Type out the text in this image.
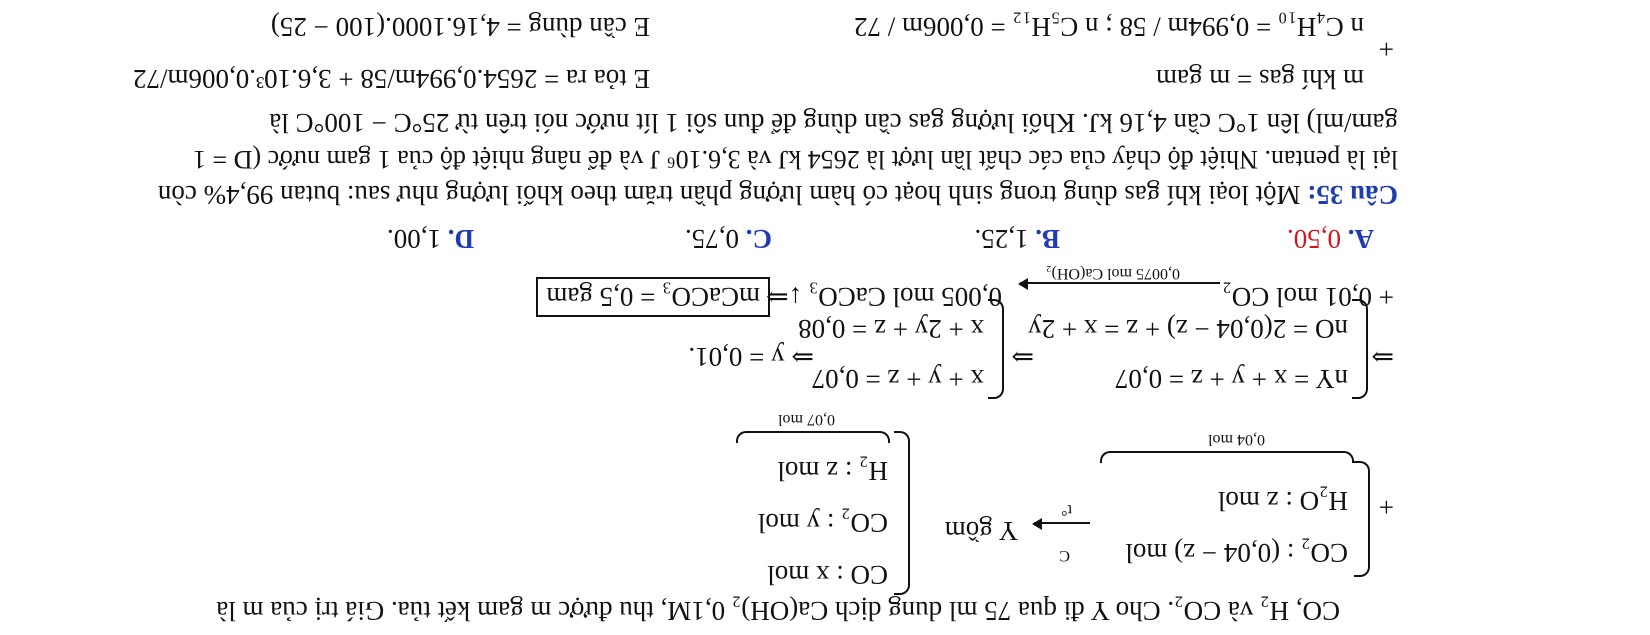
CO, H₂ và CO₂. Cho Y đi qua 75 ml dung dịch Ca(OH)₂ 0,1M, thu được m gam kết tủa. Giá trị của m là
+
CO₂ : (0,04 − z) mol
H₂O : z mol
0,04 mol
C
t°
Y gồm
CO : x mol
CO₂ : y mol
H₂ : z mol
0,07 mol
⇒
nY = x + y + z = 0,07
nO = 2(0,04 − z) + z = x + 2y
⇒
x + y + z = 0,07
x + 2y + z = 0,08
⇒ y = 0,01.
+ 0,01 mol CO₂
0,0075 mol Ca(OH)₂
0,005 mol CaCO₃ ↓⇒
mCaCO₃ = 0,5 gam
A. 0,50.
B. 1,25.
C. 0,75.
D. 1,00.
Câu 35: Một loại khí gas dùng trong sinh hoạt có hàm lượng phần trăm theo khối lượng như sau: butan 99,4% còn
lại là pentan. Nhiệt độ cháy của các chất lần lượt là 2654 kJ và 3,6.10⁶ J và để nâng nhiệt độ của 1 gam nước (D = 1
gam/ml) lên 1°C cần 4,16 kJ. Khối lượng gas cần dùng để đun sôi 1 lít nước nói trên từ 25°C − 100°C là
+
m khí gas = m gam
n C₄H₁₀ = 0,994m / 58 ; n C₅H₁₂ = 0,006m / 72
E tỏa ra = 2654.0,994m/58 + 3,6.10³.0,006m/72
E cần dùng = 4,16.1000.(100 − 25)
